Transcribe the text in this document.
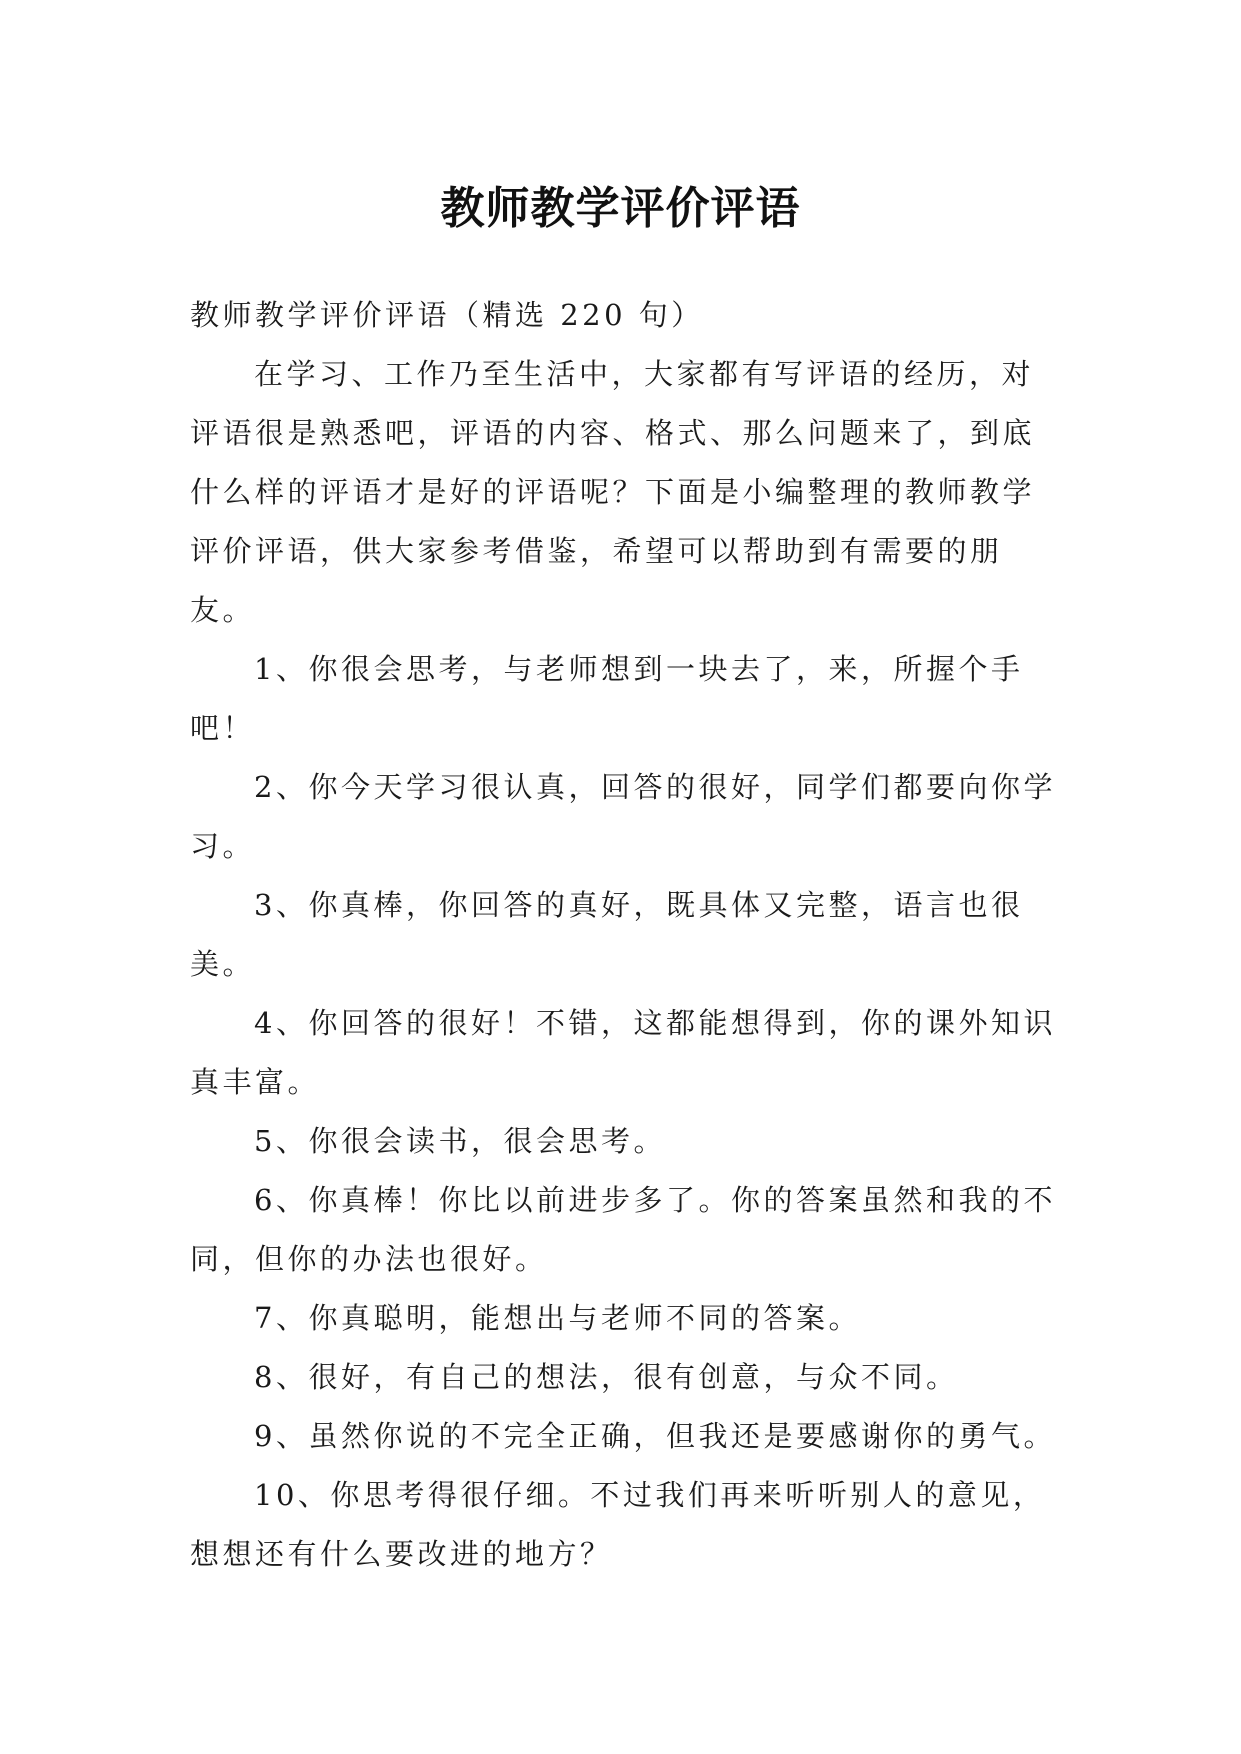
教师教学评价评语

教师教学评价评语（精选 220 句）

在学习、工作乃至生活中，大家都有写评语的经历，对评语很是熟悉吧，评语的内容、格式、那么问题来了，到底什么样的评语才是好的评语呢？下面是小编整理的教师教学评价评语，供大家参考借鉴，希望可以帮助到有需要的朋友。

1、你很会思考，与老师想到一块去了，来，所握个手吧！

2、你今天学习很认真，回答的很好，同学们都要向你学习。

3、你真棒，你回答的真好，既具体又完整，语言也很美。

4、你回答的很好！不错，这都能想得到，你的课外知识真丰富。

5、你很会读书，很会思考。

6、你真棒！你比以前进步多了。你的答案虽然和我的不同，但你的办法也很好。

7、你真聪明，能想出与老师不同的答案。

8、很好，有自己的想法，很有创意，与众不同。

9、虽然你说的不完全正确，但我还是要感谢你的勇气。

10、你思考得很仔细。不过我们再来听听别人的意见，想想还有什么要改进的地方？
